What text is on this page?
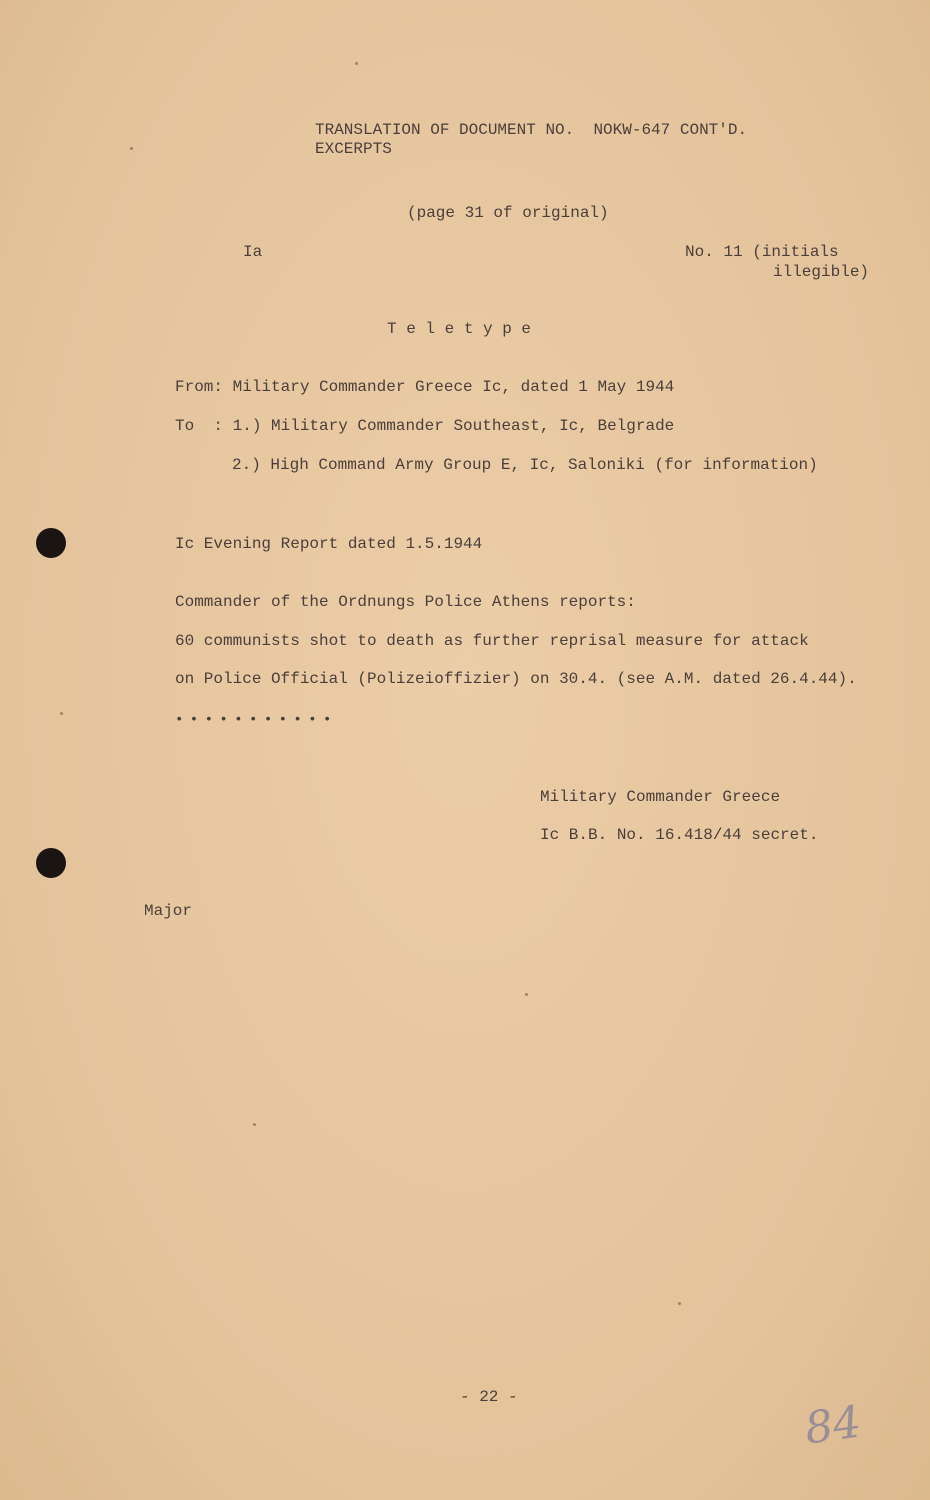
TRANSLATION OF DOCUMENT NO.  NOKW-647 CONT'D.
EXCERPTS
(page 31 of original)
Ia	No. 11 (initials
illegible)
T e l e t y p e
From: Military Commander Greece Ic, dated 1 May 1944
To  : 1.) Military Commander Southeast, Ic, Belgrade
2.) High Command Army Group E, Ic, Saloniki (for information)
Ic Evening Report dated 1.5.1944
Commander of the Ordnungs Police Athens reports:
60 communists shot to death as further reprisal measure for attack
on Police Official (Polizeioffizier) on 30.4. (see A.M. dated 26.4.44).
• • • • • • • • • • •
Military Commander Greece
Ic B.B. No. 16.418/44 secret.
Major
- 22 -	84
